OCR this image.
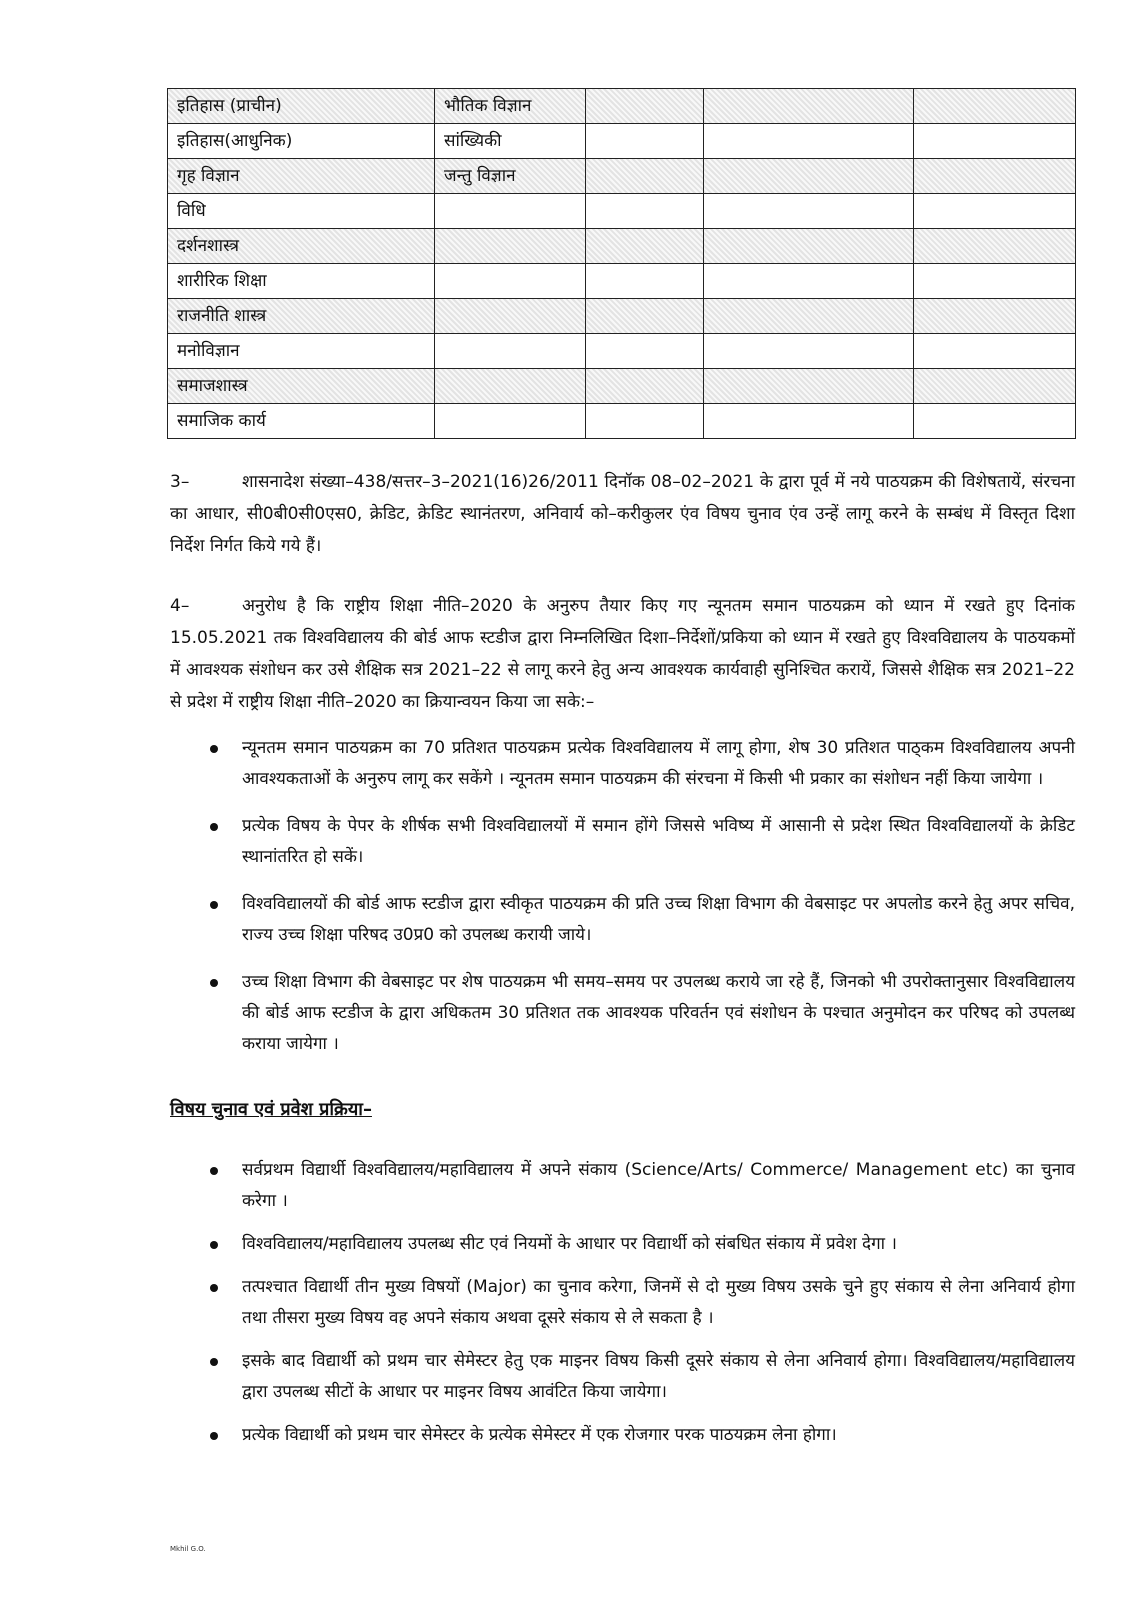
इतिहास (प्राचीन)	भौतिक विज्ञान			
इतिहास(आधुनिक)	सांख्यिकी			
गृह विज्ञान	जन्तु विज्ञान			
विधि				
दर्शनशास्त्र				
शारीरिक शिक्षा				
राजनीति शास्त्र				
मनोविज्ञान				
समाजशास्त्र				
समाजिक कार्य				

3–	शासनादेश संख्या–438/सत्तर–3–2021(16)26/2011 दिनॉक 08–02–2021 के द्वारा पूर्व में नये पाठयक्रम की विशेषतायें, संरचना का आधार, सी0बी0सी0एस0, क्रेडिट, क्रेडिट स्थानंतरण, अनिवार्य को–करीकुलर एंव विषय चुनाव एंव उन्हें लागू करने के सम्बंध में विस्तृत दिशा निर्देश निर्गत किये गये हैं।

4–	अनुरोध है कि राष्ट्रीय शिक्षा नीति–2020 के अनुरुप तैयार किए गए न्यूनतम समान पाठयक्रम को ध्यान में रखते हुए दिनांक 15.05.2021 तक विश्वविद्यालय की बोर्ड आफ स्टडीज द्वारा निम्नलिखित दिशा–निर्देशों/प्रकिया को ध्यान में रखते हुए विश्वविद्यालय के पाठयकमों में आवश्यक संशोधन कर उसे शैक्षिक सत्र 2021–22 से लागू करने हेतु अन्य आवश्यक कार्यवाही सुनिश्चित करायें, जिससे शैक्षिक सत्र 2021–22 से प्रदेश में राष्ट्रीय शिक्षा नीति–2020 का क्रियान्वयन किया जा सके:–

न्यूनतम समान पाठयक्रम का 70 प्रतिशत पाठयक्रम प्रत्येक विश्वविद्यालय में लागू होगा, शेष 30 प्रतिशत पाठ्कम विश्वविद्यालय अपनी आवश्यकताओं के अनुरुप लागू कर सकेंगे । न्यूनतम समान पाठयक्रम की संरचना में किसी भी प्रकार का संशोधन नहीं किया जायेगा ।
प्रत्येक विषय के पेपर के शीर्षक सभी विश्वविद्यालयों में समान होंगे जिससे भविष्य में आसानी से प्रदेश स्थित विश्वविद्यालयों के क्रेडिट स्थानांतरित हो सकें।
विश्वविद्यालयों की बोर्ड आफ स्टडीज द्वारा स्वीकृत पाठयक्रम की प्रति उच्च शिक्षा विभाग की वेबसाइट पर अपलोड करने हेतु अपर सचिव, राज्य उच्च शिक्षा परिषद उ0प्र0 को उपलब्ध करायी जाये।
उच्च शिक्षा विभाग की वेबसाइट पर शेष पाठयक्रम भी समय–समय पर उपलब्ध कराये जा रहे हैं, जिनको भी उपरोक्तानुसार विश्वविद्यालय की बोर्ड आफ स्टडीज के द्वारा अधिकतम 30 प्रतिशत तक आवश्यक परिवर्तन एवं संशोधन के पश्चात अनुमोदन कर परिषद को उपलब्ध कराया जायेगा ।
विषय चुनाव एवं प्रवेश प्रक्रिया–
सर्वप्रथम विद्यार्थी विश्वविद्यालय/महाविद्यालय में अपने संकाय (Science/Arts/ Commerce/ Management etc) का चुनाव करेगा ।
विश्वविद्यालय/महाविद्यालय उपलब्ध सीट एवं नियमों के आधार पर विद्यार्थी को संबधित संकाय में प्रवेश देगा ।
तत्पश्चात विद्यार्थी तीन मुख्य विषयों (Major) का चुनाव करेगा, जिनमें से दो मुख्य विषय उसके चुने हुए संकाय से लेना अनिवार्य होगा तथा तीसरा मुख्य विषय वह अपने संकाय अथवा दूसरे संकाय से ले सकता है ।
इसके बाद विद्यार्थी को प्रथम चार सेमेस्टर हेतु एक माइनर विषय किसी दूसरे संकाय से लेना अनिवार्य होगा। विश्वविद्यालय/महाविद्यालय द्वारा उपलब्ध सीटों के आधार पर माइनर विषय आवंटित किया जायेगा।
प्रत्येक विद्यार्थी को प्रथम चार सेमेस्टर के प्रत्येक सेमेस्टर में एक रोजगार परक पाठयक्रम लेना होगा।
Mkhil G.O.
